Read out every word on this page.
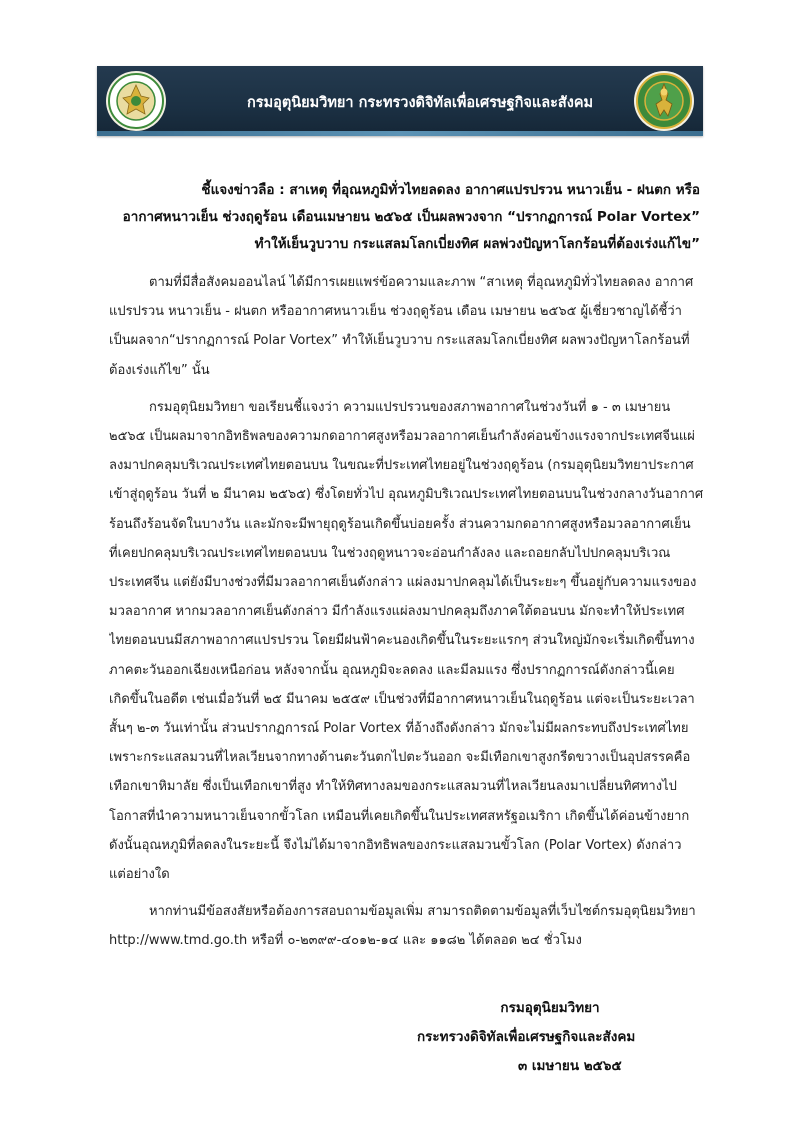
กรมอุตุนิยมวิทยา กระทรวงดิจิทัลเพื่อเศรษฐกิจและสังคม
ชี้แจงข่าวลือ : สาเหตุ ที่อุณหภูมิทั่วไทยลดลง อากาศแปรปรวน หนาวเย็น - ฝนตก หรือ
อากาศหนาวเย็น ช่วงฤดูร้อน เดือนเมษายน ๒๕๖๕ เป็นผลพวงจาก “ปรากฏการณ์ Polar Vortex”
ทำให้เย็นวูบวาบ กระแสลมโลกเบี่ยงทิศ ผลพ่วงปัญหาโลกร้อนที่ต้องเร่งแก้ไข”
ตามที่มีสื่อสังคมออนไลน์ ได้มีการเผยแพร่ข้อความและภาพ “สาเหตุ ที่อุณหภูมิทั่วไทยลดลง อากาศ
แปรปรวน หนาวเย็น - ฝนตก หรืออากาศหนาวเย็น ช่วงฤดูร้อน เดือน เมษายน ๒๕๖๕ ผู้เชี่ยวชาญได้ชี้ว่า
เป็นผลจาก“ปรากฏการณ์ Polar Vortex” ทำให้เย็นวูบวาบ กระแสลมโลกเบี่ยงทิศ ผลพวงปัญหาโลกร้อนที่
ต้องเร่งแก้ไข” นั้น
กรมอุตุนิยมวิทยา ขอเรียนชี้แจงว่า ความแปรปรวนของสภาพอากาศในช่วงวันที่ ๑ - ๓ เมษายน
๒๕๖๕ เป็นผลมาจากอิทธิพลของความกดอากาศสูงหรือมวลอากาศเย็นกำลังค่อนข้างแรงจากประเทศจีนแผ่
ลงมาปกคลุมบริเวณประเทศไทยตอนบน ในขณะที่ประเทศไทยอยู่ในช่วงฤดูร้อน (กรมอุตุนิยมวิทยาประกาศ
เข้าสู่ฤดูร้อน วันที่ ๒ มีนาคม ๒๕๖๕) ซึ่งโดยทั่วไป อุณหภูมิบริเวณประเทศไทยตอนบนในช่วงกลางวันอากาศ
ร้อนถึงร้อนจัดในบางวัน และมักจะมีพายุฤดูร้อนเกิดขึ้นบ่อยครั้ง ส่วนความกดอากาศสูงหรือมวลอากาศเย็น
ที่เคยปกคลุมบริเวณประเทศไทยตอนบน ในช่วงฤดูหนาวจะอ่อนกำลังลง และถอยกลับไปปกคลุมบริเวณ
ประเทศจีน แต่ยังมีบางช่วงที่มีมวลอากาศเย็นดังกล่าว แผ่ลงมาปกคลุมได้เป็นระยะๆ ขึ้นอยู่กับความแรงของ
มวลอากาศ หากมวลอากาศเย็นดังกล่าว มีกำลังแรงแผ่ลงมาปกคลุมถึงภาคใต้ตอนบน มักจะทำให้ประเทศ
ไทยตอนบนมีสภาพอากาศแปรปรวน โดยมีฝนฟ้าคะนองเกิดขึ้นในระยะแรกๆ ส่วนใหญ่มักจะเริ่มเกิดขึ้นทาง
ภาคตะวันออกเฉียงเหนือก่อน หลังจากนั้น อุณหภูมิจะลดลง และมีลมแรง ซึ่งปรากฏการณ์ดังกล่าวนี้เคย
เกิดขึ้นในอดีต เช่นเมื่อวันที่ ๒๕ มีนาคม ๒๕๕๙ เป็นช่วงที่มีอากาศหนาวเย็นในฤดูร้อน แต่จะเป็นระยะเวลา
สั้นๆ ๒-๓ วันเท่านั้น ส่วนปรากฏการณ์ Polar Vortex ที่อ้างถึงดังกล่าว มักจะไม่มีผลกระทบถึงประเทศไทย
เพราะกระแสลมวนที่ไหลเวียนจากทางด้านตะวันตกไปตะวันออก จะมีเทือกเขาสูงกรีดขวางเป็นอุปสรรคคือ
เทือกเขาหิมาลัย ซึ่งเป็นเทือกเขาที่สูง ทำให้ทิศทางลมของกระแสลมวนที่ไหลเวียนลงมาเปลี่ยนทิศทางไป
โอกาสที่นำความหนาวเย็นจากขั้วโลก เหมือนที่เคยเกิดขึ้นในประเทศสหรัฐอเมริกา เกิดขึ้นได้ค่อนข้างยาก
ดังนั้นอุณหภูมิที่ลดลงในระยะนี้ จึงไม่ได้มาจากอิทธิพลของกระแสลมวนขั้วโลก (Polar Vortex) ดังกล่าว
แต่อย่างใด
หากท่านมีข้อสงสัยหรือต้องการสอบถามข้อมูลเพิ่ม สามารถติดตามข้อมูลที่เว็บไซต์กรมอุตุนิยมวิทยา
http://www.tmd.go.th หรือที่ ๐-๒๓๙๙-๔๐๑๒-๑๔ และ ๑๑๘๒ ได้ตลอด ๒๔ ชั่วโมง
กรมอุตุนิยมวิทยา
กระทรวงดิจิทัลเพื่อเศรษฐกิจและสังคม
๓ เมษายน ๒๕๖๕
